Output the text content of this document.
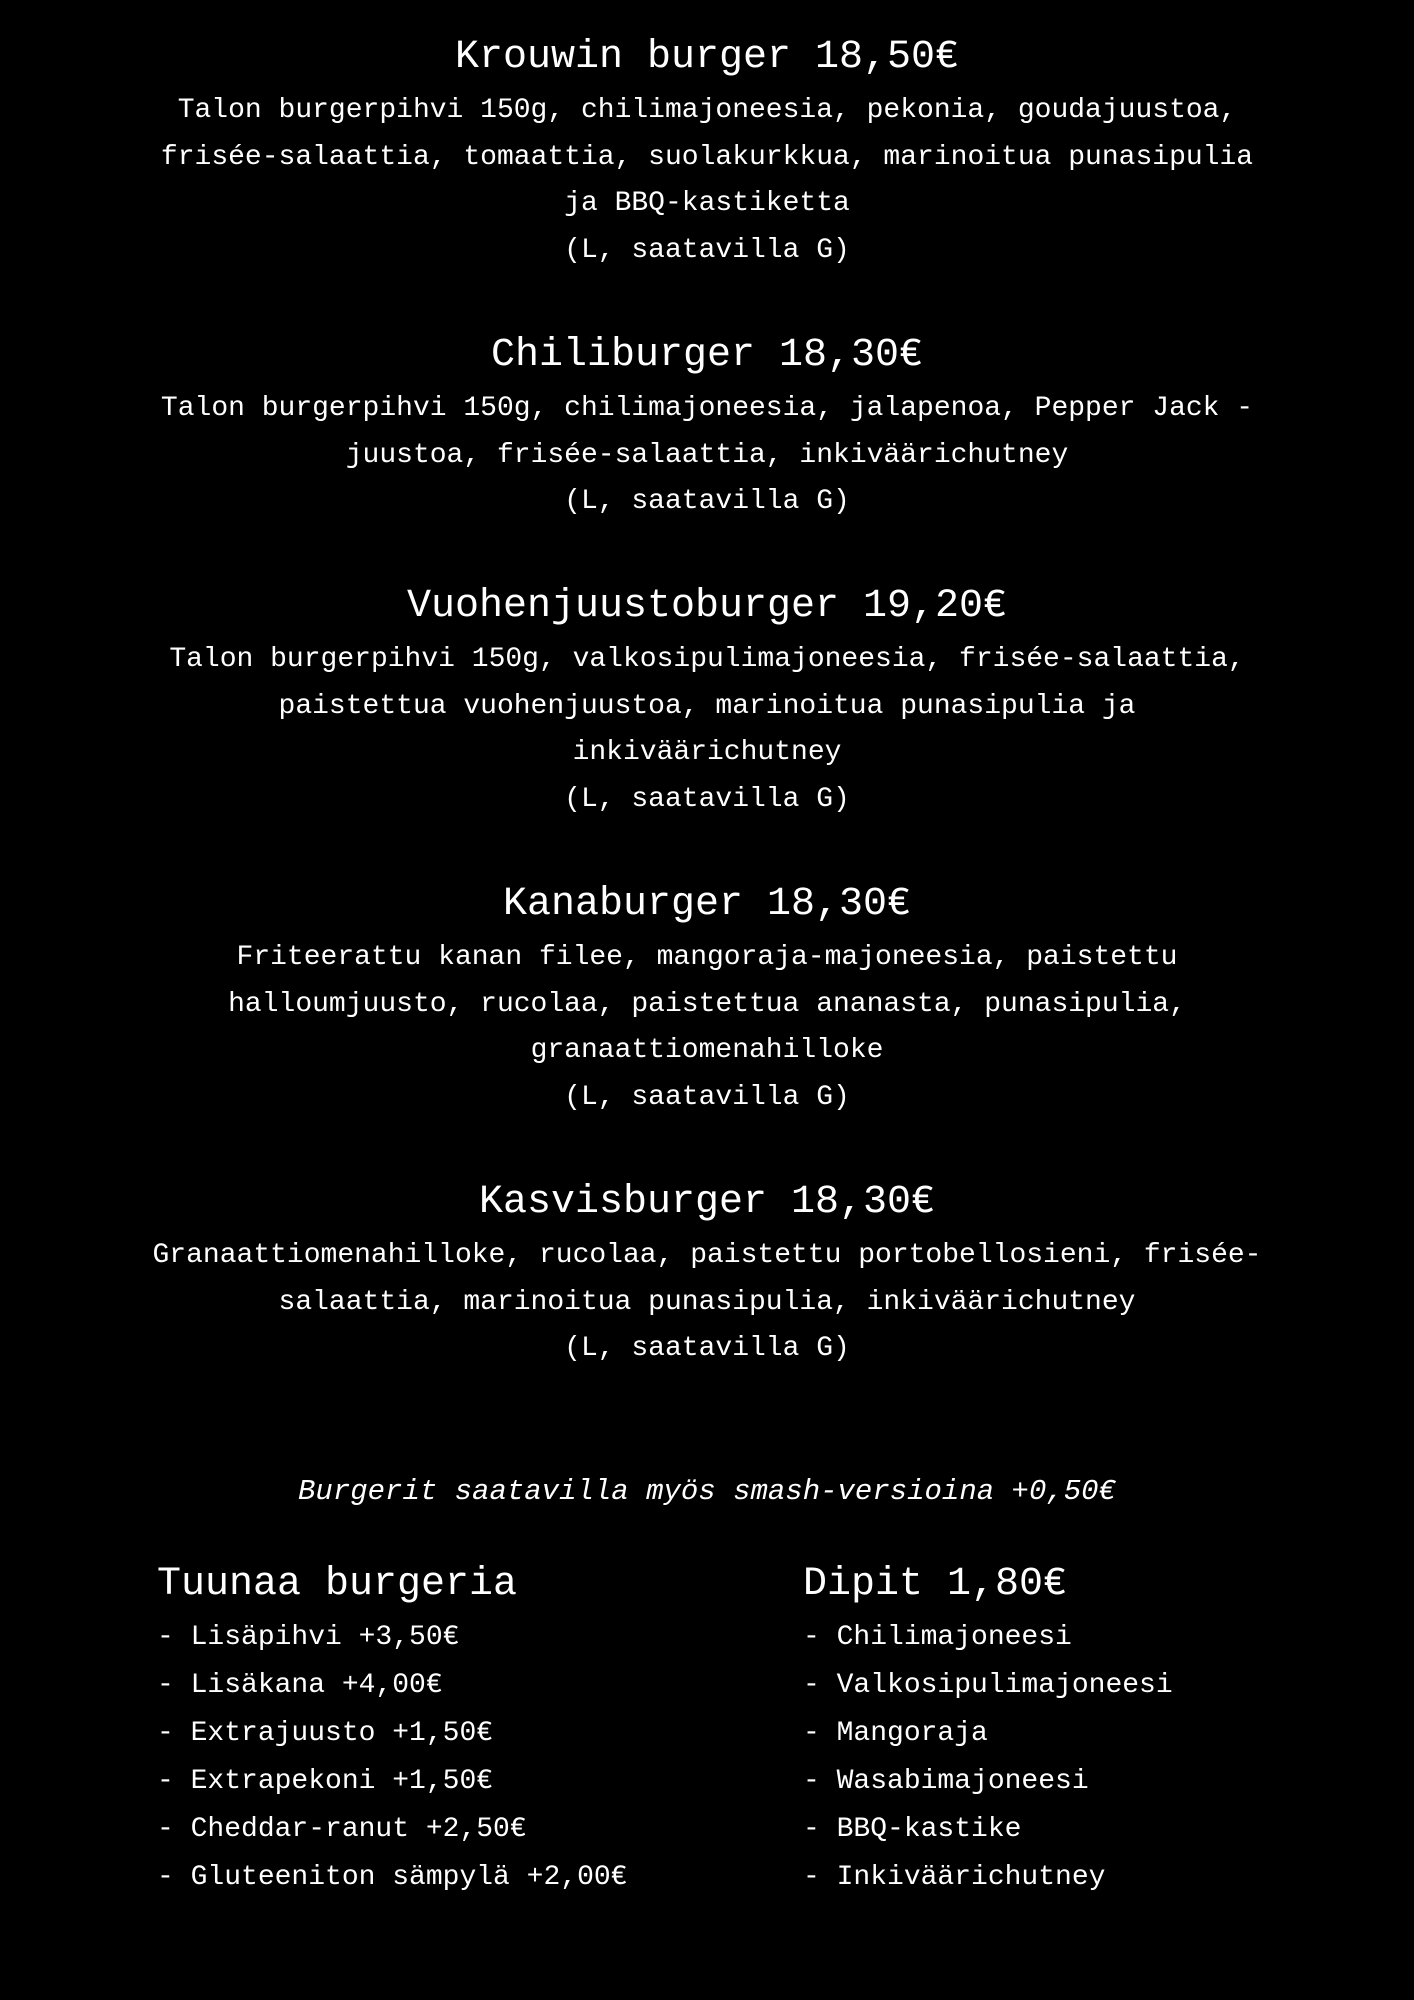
Krouwin burger 18,50€

Talon burgerpihvi 150g, chilimajoneesia, pekonia, goudajuustoa,

frisée-salaattia, tomaattia, suolakurkkua, marinoitua punasipulia

ja BBQ-kastiketta

(L, saatavilla G)

Chiliburger 18,30€

Talon burgerpihvi 150g, chilimajoneesia, jalapenoa, Pepper Jack -

juustoa, frisée-salaattia, inkiväärichutney

(L, saatavilla G)

Vuohenjuustoburger 19,20€

Talon burgerpihvi 150g, valkosipulimajoneesia, frisée-salaattia,

paistettua vuohenjuustoa, marinoitua punasipulia ja

inkiväärichutney

(L, saatavilla G)

Kanaburger 18,30€

Friteerattu kanan filee, mangoraja-majoneesia, paistettu

halloumjuusto, rucolaa, paistettua ananasta, punasipulia,

granaattiomenahilloke

(L, saatavilla G)

Kasvisburger 18,30€

Granaattiomenahilloke, rucolaa, paistettu portobellosieni, frisée-

salaattia, marinoitua punasipulia, inkiväärichutney

(L, saatavilla G)

Burgerit saatavilla myös smash-versioina +0,50€

Tuunaa burgeria

- Lisäpihvi +3,50€

- Lisäkana +4,00€

- Extrajuusto +1,50€

- Extrapekoni +1,50€

- Cheddar-ranut +2,50€

- Gluteeniton sämpylä +2,00€

Dipit 1,80€

- Chilimajoneesi

- Valkosipulimajoneesi

- Mangoraja

- Wasabimajoneesi

- BBQ-kastike

- Inkiväärichutney
